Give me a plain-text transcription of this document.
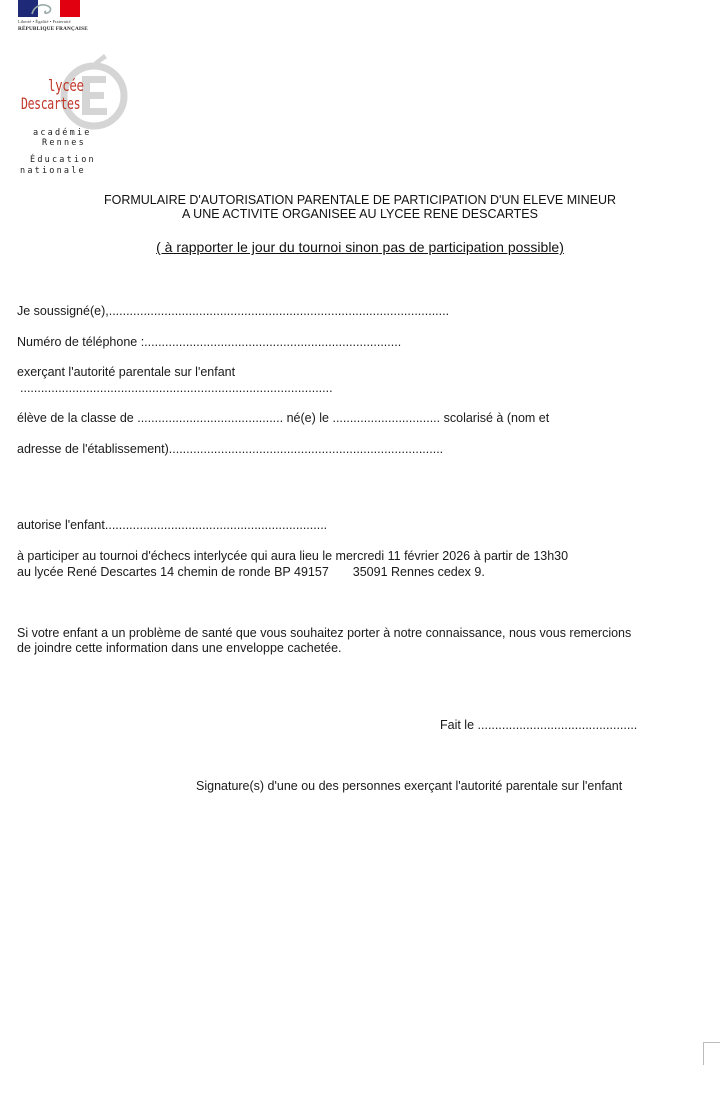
Liberté • Égalité • Fraternité
RÉPUBLIQUE FRANÇAISE
lycée
Descartes
académie
Rennes
Éducation
nationale
FORMULAIRE D'AUTORISATION PARENTALE DE PARTICIPATION D'UN ELEVE MINEUR
A UNE ACTIVITE ORGANISEE AU LYCEE RENE DESCARTES
( à rapporter le jour du tournoi sinon pas de participation possible)
Je soussigné(e),..................................................................................................
Numéro de téléphone :..........................................................................
exerçant l'autorité parentale sur l'enfant
..........................................................................................
élève de la classe de .......................................... né(e) le ............................... scolarisé à (nom et
adresse de l'établissement)...............................................................................
autorise l'enfant................................................................
à participer au tournoi d'échecs interlycée qui aura lieu le mercredi 11 février 2026 à partir de 13h30
au lycée René Descartes 14 chemin de ronde BP 49157 35091 Rennes cedex 9.
Si votre enfant a un problème de santé que vous souhaitez porter à notre connaissance, nous vous remercions
de joindre cette information dans une enveloppe cachetée.
Fait le ..............................................
Signature(s) d'une ou des personnes exerçant l'autorité parentale sur l'enfant
